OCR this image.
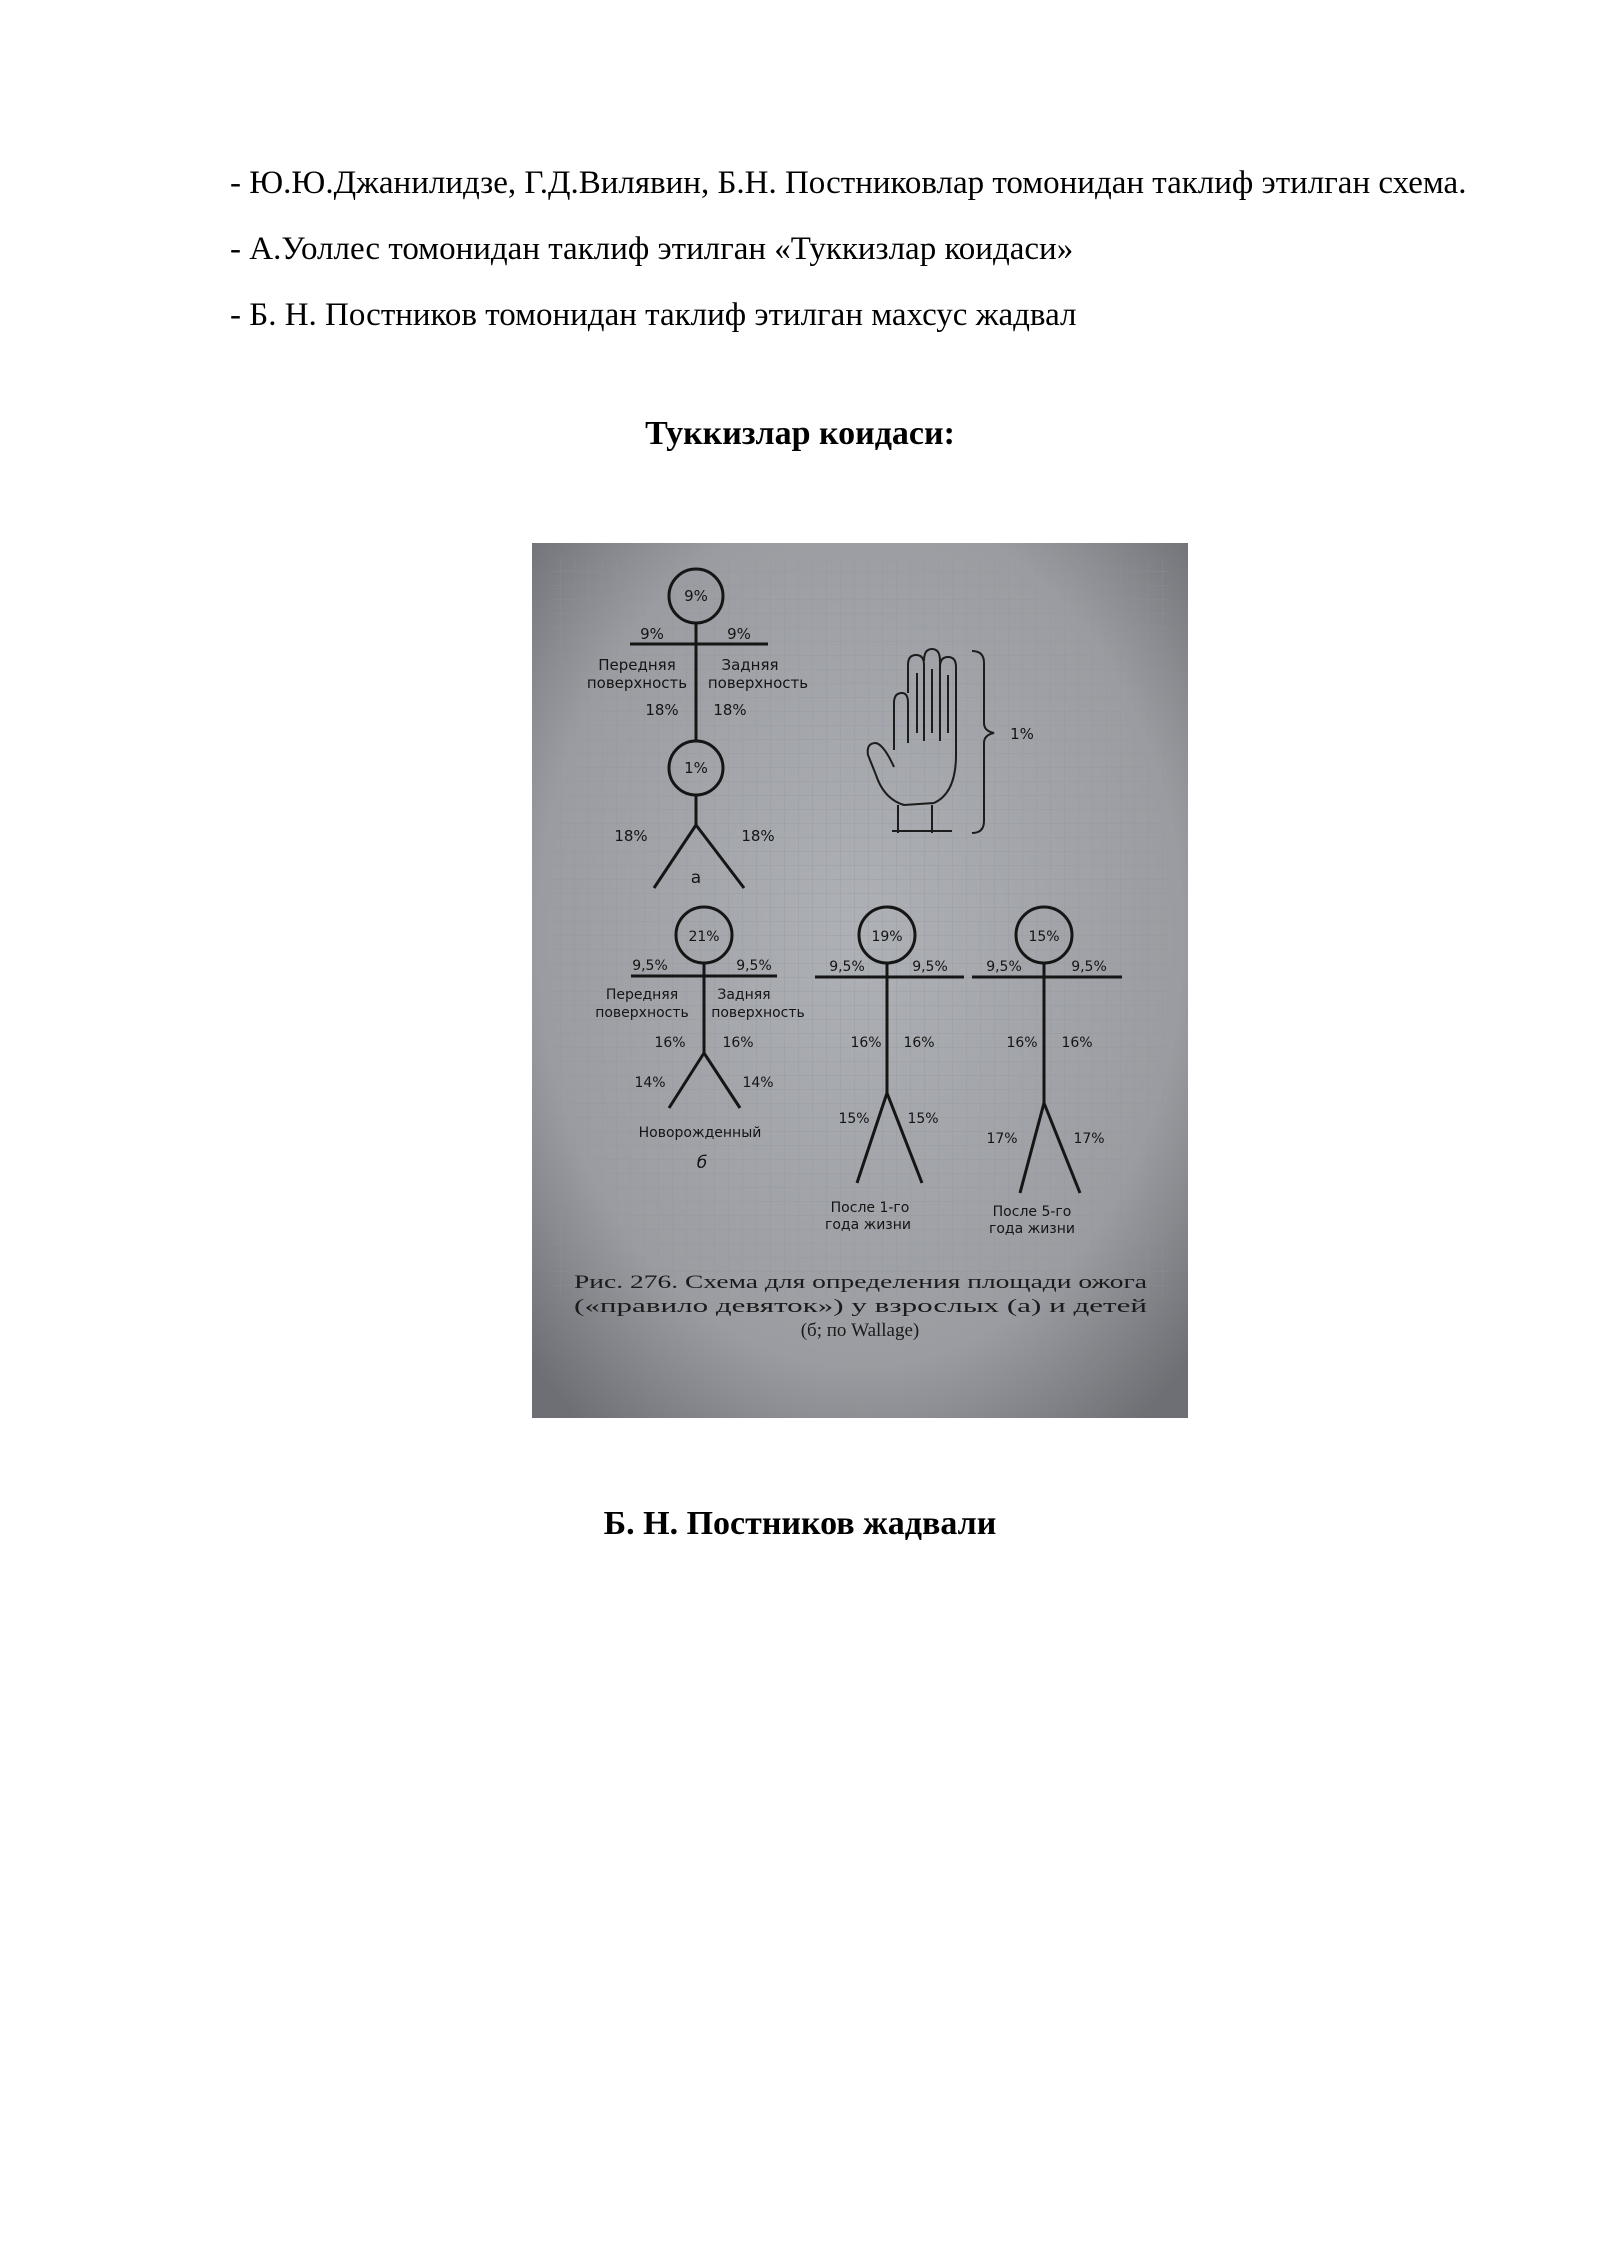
- Ю.Ю.Джанилидзе, Г.Д.Вилявин, Б.Н. Постниковлар томонидан таклиф этилган схема.

- А.Уоллес томонидан таклиф этилган «Туккизлар коидаси»

- Б. Н. Постников томонидан таклиф этилган махсус жадвал

Туккизлар коидаси:

9%
9%	9%
Передняя
поверхность
Задняя
поверхность
18% 18%
1%
18%	18%
а
1%
21%
9,5%	9,5%
Передняя
поверхность
Задняя
поверхность
16%	16%
14%	14%
Новорожденный
б
19%
9,5%	9,5%
16% 16%
15%	15%
После 1-го
года жизни
15%
9,5%	9,5%
16% 16%
17%	17%
После 5-го
года жизни
Рис. 276. Схема для определения площади ожога
(«правило девяток») у взрослых (а) и детей
(б; по Wallage)

Б. Н. Постников жадвали
